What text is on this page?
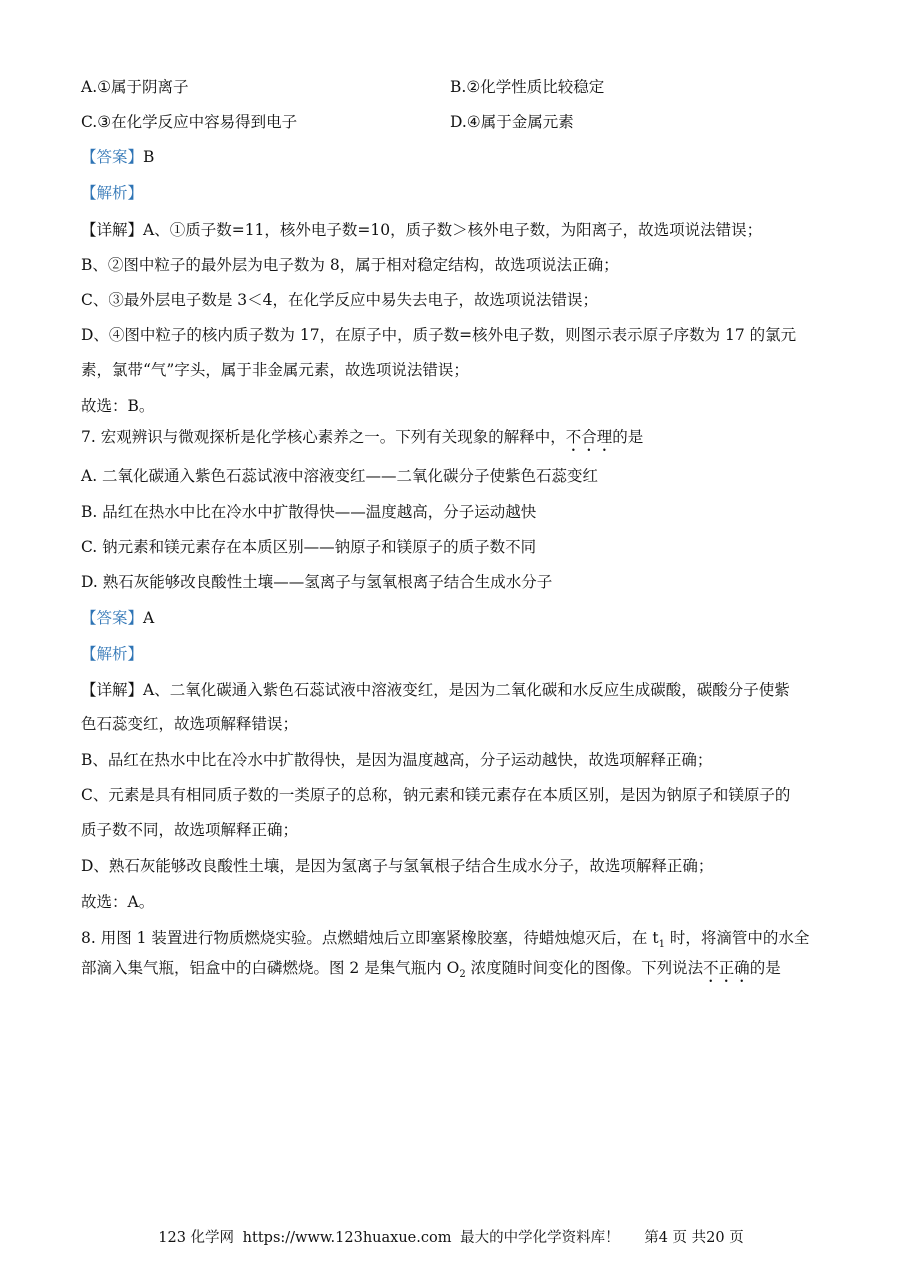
A.①属于阴离子	B.②化学性质比较稳定
C.③在化学反应中容易得到电子	D.④属于金属元素
【答案】B
【解析】
【详解】A、①质子数=11，核外电子数=10，质子数＞核外电子数，为阳离子，故选项说法错误；
B、②图中粒子的最外层为电子数为 8，属于相对稳定结构，故选项说法正确；
C、③最外层电子数是 3＜4，在化学反应中易失去电子，故选项说法错误；
D、④图中粒子的核内质子数为 17，在原子中，质子数=核外电子数，则图示表示原子序数为 17 的氯元
素，氯带“气”字头，属于非金属元素，故选项说法错误；
故选：B。
7. 宏观辨识与微观探析是化学核心素养之一。下列有关现象的解释中，不合理的是
A. 二氧化碳通入紫色石蕊试液中溶液变红——二氧化碳分子使紫色石蕊变红
B. 品红在热水中比在冷水中扩散得快——温度越高，分子运动越快
C. 钠元素和镁元素存在本质区别——钠原子和镁原子的质子数不同
D. 熟石灰能够改良酸性土壤——氢离子与氢氧根离子结合生成水分子
【答案】A
【解析】
【详解】A、二氧化碳通入紫色石蕊试液中溶液变红，是因为二氧化碳和水反应生成碳酸，碳酸分子使紫
色石蕊变红，故选项解释错误；
B、品红在热水中比在冷水中扩散得快，是因为温度越高，分子运动越快，故选项解释正确；
C、元素是具有相同质子数的一类原子的总称，钠元素和镁元素存在本质区别，是因为钠原子和镁原子的
质子数不同，故选项解释正确；
D、熟石灰能够改良酸性土壤，是因为氢离子与氢氧根子结合生成水分子，故选项解释正确；
故选：A。
8. 用图 1 装置进行物质燃烧实验。点燃蜡烛后立即塞紧橡胶塞，待蜡烛熄灭后，在 $t_1$ 时，将滴管中的水全
部滴入集气瓶，铝盒中的白磷燃烧。图 2 是集气瓶内 $O_2$ 浓度随时间变化的图像。下列说法不正确的是
123 化学网 https://www.123huaxue.com 最大的中学化学资料库！ 第4 页 共20 页
